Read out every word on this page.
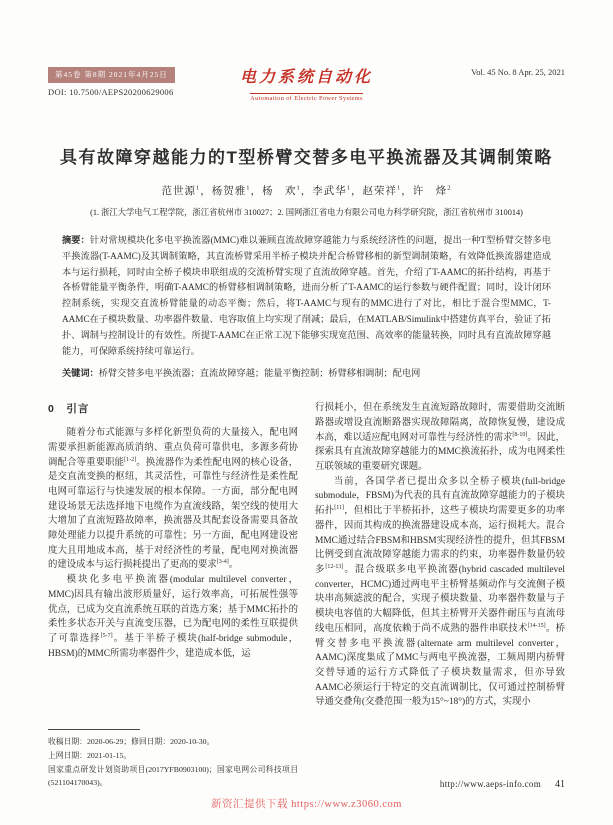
第45卷 第8期 2021年4月25日
DOI: 10.7500/AEPS20200629006
电力系统自动化
Automation of Electric Power Systems
Vol. 45 No. 8 Apr. 25, 2021
具有故障穿越能力的T型桥臂交替多电平换流器及其调制策略
范世源$^1$，杨贺雅$^1$，杨　欢$^1$，李武华$^1$，赵荣祥$^1$，许　烽$^2$
(1. 浙江大学电气工程学院，浙江省杭州市 310027；2. 国网浙江省电力有限公司电力科学研究院，浙江省杭州市 310014)

摘要：针对常规模块化多电平换流器(MMC)难以兼顾直流故障穿越能力与系统经济性的问题，提出一种T型桥臂交替多电平换流器(T-AAMC)及其调制策略，其直流桥臂采用半桥子模块并配合桥臂移相的新型调制策略，有效降低换流器建造成本与运行损耗，同时由全桥子模块串联组成的交流桥臂实现了直流故障穿越。首先，介绍了T-AAMC的拓扑结构，再基于各桥臂能量平衡条件，明确T-AAMC的桥臂移相调制策略，进而分析了T-AAMC的运行参数与硬件配置；同时，设计闭环控制系统，实现交直流桥臂能量的动态平衡；然后，将T-AAMC与现有的MMC进行了对比，相比于混合型MMC，T-AAMC在子模块数量、功率器件数量、电容取值上均实现了削减；最后，在MATLAB/Simulink中搭建仿真平台，验证了拓扑、调制与控制设计的有效性。所提T-AAMC在正常工况下能够实现宽范围、高效率的能量转换，同时具有直流故障穿越能力，可保障系统持续可靠运行。

关键词：桥臂交替多电平换流器；直流故障穿越；能量平衡控制；桥臂移相调制；配电网

0　引言

随着分布式能源与多样化新型负荷的大量接入，配电网需要承担新能源高质消纳、重点负荷可靠供电，多源多荷协调配合等重要职能[1-2]。换流器作为柔性配电网的核心设备，是交直流变换的枢纽，其灵活性，可靠性与经济性是柔性配电网可靠运行与快速发展的根本保障。一方面，部分配电网建设场景无法选择地下电缆作为直流线路，架空线的使用大大增加了直流短路故障率，换流器及其配套设备需要具备故障处理能力以提升系统的可靠性；另一方面，配电网建设密度大且用地成本高，基于对经济性的考量，配电网对换流器的建设成本与运行损耗提出了更高的要求[3-4]。

模块化多电平换流器(modular multilevel converter，MMC)因具有输出波形质量好，运行效率高，可拓展性强等优点，已成为交直流系统互联的首选方案；基于MMC拓扑的柔性多状态开关与直流变压器，已为配电网的柔性互联提供了可靠选择[5-7]。基于半桥子模块(half-bridge submodule，HBSM)的MMC所需功率器件少，建造成本低，运

收稿日期：2020-06-29；修回日期：2020-10-30。
上网日期：2021-01-15。
国家重点研发计划资助项目(2017YFB0903100)；国家电网公司科技项目(521104170043)。

行损耗小，但在系统发生直流短路故障时，需要借助交流断路器或增设直流断路器实现故障隔离，故障恢复慢，建设成本高，难以适应配电网对可靠性与经济性的需求[8-10]。因此，探索具有直流故障穿越能力的MMC换流拓扑，成为电网柔性互联领域的重要研究课题。

当前，各国学者已提出众多以全桥子模块(full-bridge submodule，FBSM)为代表的具有直流故障穿越能力的子模块拓扑[11]，但相比于半桥拓扑，这些子模块均需要更多的功率器件，因而其构成的换流器建设成本高，运行损耗大。混合MMC通过结合FBSM和HBSM实现经济性的提升，但其FBSM比例受到直流故障穿越能力需求的约束，功率器件数量仍较多[12-13]。混合级联多电平换流器(hybrid cascaded multilevel converter，HCMC)通过两电平主桥臂基频动作与交流侧子模块串高频滤波的配合，实现子模块数量、功率器件数量与子模块电容值的大幅降低，但其主桥臂开关器件耐压与直流母线电压相同，高度依赖于尚不成熟的器件串联技术[14-15]。桥臂交替多电平换流器(alternate arm multilevel converter，AAMC)深度集成了MMC与两电平换流器，工频周期内桥臂交替导通的运行方式降低了子模块数量需求，但亦导致AAMC必须运行于特定的交直流调制比，仅可通过控制桥臂导通交叠角(交叠范围一般为15°~18°)的方式，实现小

http://www.aeps-info.com 41
新资汇提供下载 https://www.z3060.com
